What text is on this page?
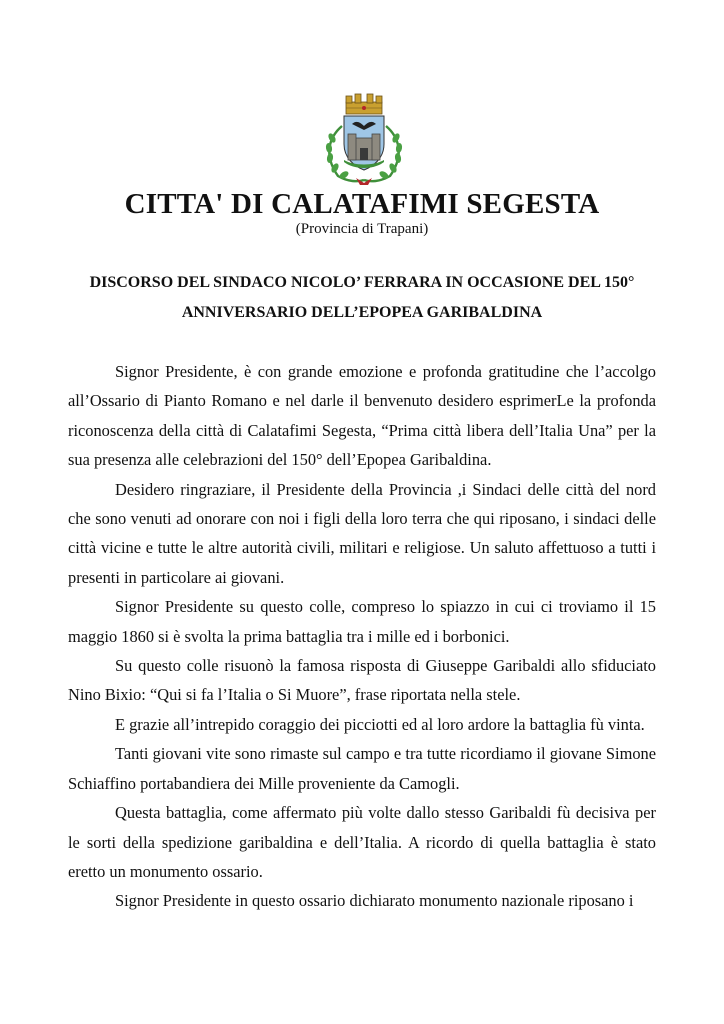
CITTA' DI CALATAFIMI SEGESTA
(Provincia di Trapani)
DISCORSO DEL SINDACO NICOLO’ FERRARA IN OCCASIONE DEL 150°
ANNIVERSARIO DELL’EPOPEA GARIBALDINA

Signor Presidente, è con grande emozione e profonda gratitudine che l’accolgo all’Ossario di Pianto Romano e nel darle il benvenuto desidero esprimerLe la profonda riconoscenza della città di Calatafimi Segesta, “Prima città libera dell’Italia Una” per la sua presenza alle celebrazioni del 150° dell’Epopea Garibaldina.

Desidero ringraziare, il Presidente della Provincia ,i Sindaci delle città del nord che sono venuti ad onorare con noi i figli della loro terra che qui riposano, i sindaci delle città vicine e tutte le altre autorità civili, militari e religiose. Un saluto affettuoso a tutti i presenti in particolare ai giovani.

Signor Presidente su questo colle, compreso lo spiazzo in cui ci troviamo il 15 maggio 1860 si è svolta la prima battaglia tra i mille ed i borbonici.

Su questo colle risuonò la famosa risposta di Giuseppe Garibaldi allo sfiduciato Nino Bixio: “Qui si fa l’Italia o Si Muore”, frase riportata nella stele.

E grazie all’intrepido coraggio dei picciotti ed al loro ardore la battaglia fù vinta.

Tanti giovani vite sono rimaste sul campo e tra tutte ricordiamo il giovane Simone Schiaffino portabandiera dei Mille proveniente da Camogli.

Questa battaglia, come affermato più volte dallo stesso Garibaldi fù decisiva per le sorti della spedizione garibaldina e dell’Italia. A ricordo di quella battaglia è stato eretto un monumento ossario.

Signor Presidente in questo ossario dichiarato monumento nazionale riposano i
